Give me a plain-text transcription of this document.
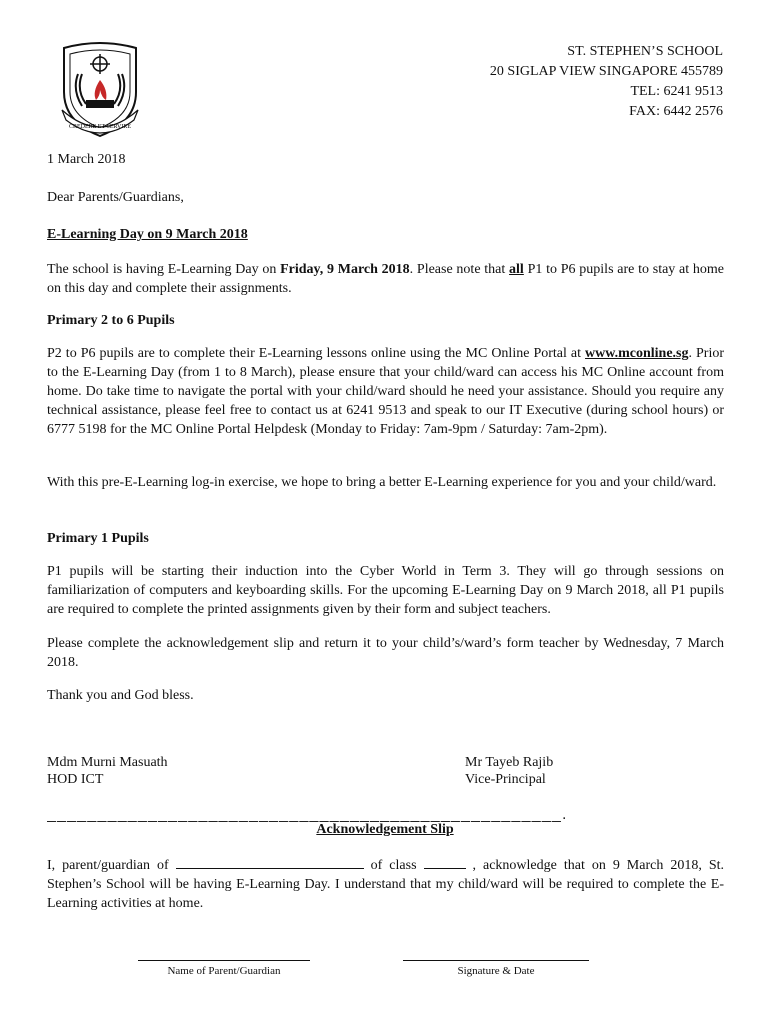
CREDERE ET SERVIRE
ST. STEPHEN’S SCHOOL
20 SIGLAP VIEW SINGAPORE 455789
TEL: 6241 9513
FAX: 6442 2576
1 March 2018
Dear Parents/Guardians,
E-Learning Day on 9 March 2018
The school is having E-Learning Day on Friday, 9 March 2018. Please note that all P1 to P6 pupils are to stay at home on this day and complete their assignments.
Primary 2 to 6 Pupils
P2 to P6 pupils are to complete their E-Learning lessons online using the MC Online Portal at www.mconline.sg. Prior to the E-Learning Day (from 1 to 8 March), please ensure that your child/ward can access his MC Online account from home. Do take time to navigate the portal with your child/ward should he need your assistance. Should you require any technical assistance, please feel free to contact us at 6241 9513 and speak to our IT Executive (during school hours) or 6777 5198 for the MC Online Portal Helpdesk (Monday to Friday: 7am-9pm / Saturday: 7am-2pm).
With this pre-E-Learning log-in exercise, we hope to bring a better E-Learning experience for you and your child/ward.
Primary 1 Pupils
P1 pupils will be starting their induction into the Cyber World in Term 3. They will go through sessions on familiarization of computers and keyboarding skills. For the upcoming E-Learning Day on 9 March 2018, all P1 pupils are required to complete the printed assignments given by their form and subject teachers.
Please complete the acknowledgement slip and return it to your child’s/ward’s form teacher by Wednesday, 7 March 2018.
Thank you and God bless.
Mdm Murni Masuath
HOD ICT
Mr Tayeb Rajib
Vice-Principal
___________________________________________________.
Acknowledgement Slip
I, parent/guardian of	of class	, acknowledge that on 9 March 2018, St. Stephen’s School will be having E-Learning Day. I understand that my child/ward will be required to complete the E-Learning activities at home.
Name of Parent/Guardian	Signature & Date
